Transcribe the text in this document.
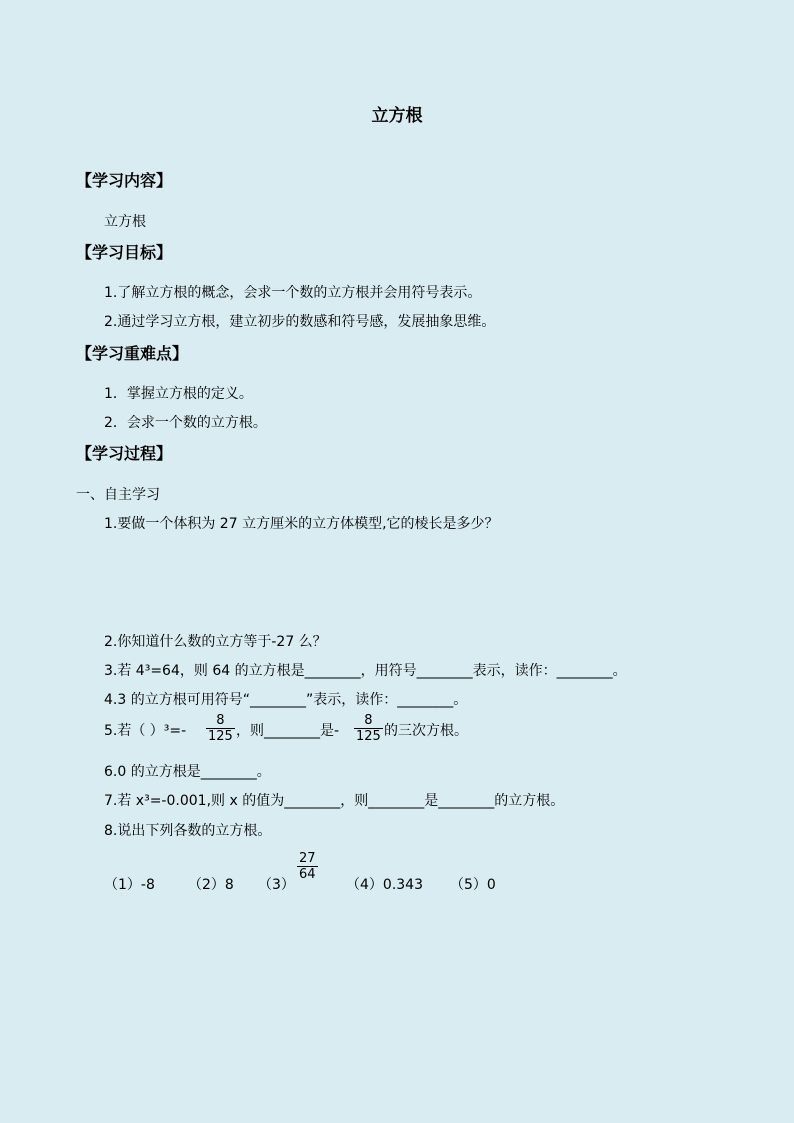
立方根
【学习内容】
立方根
【学习目标】
1.了解立方根的概念，会求一个数的立方根并会用符号表示。
2.通过学习立方根，建立初步的数感和符号感，发展抽象思维。
【学习重难点】
1．掌握立方根的定义。
2．会求一个数的立方根。
【学习过程】
一、自主学习
1.要做一个体积为 27 立方厘米的立方体模型,它的棱长是多少？
2.你知道什么数的立方等于-27 么？
3.若 4³=64，则 64 的立方根是________，用符号________表示，读作：________。
4.3 的立方根可用符号“________”表示，读作：________。
5.若（ ）³=-
8
125 ，则________是-
8
125 的三次方根。
6.0 的立方根是________。
7.若 x³=-0.001,则 x 的值为________，则________是________的立方根。
8.说出下列各数的立方根。
（1）-8 （2）8 （3）
27
64
（4）0.343 （5）0
